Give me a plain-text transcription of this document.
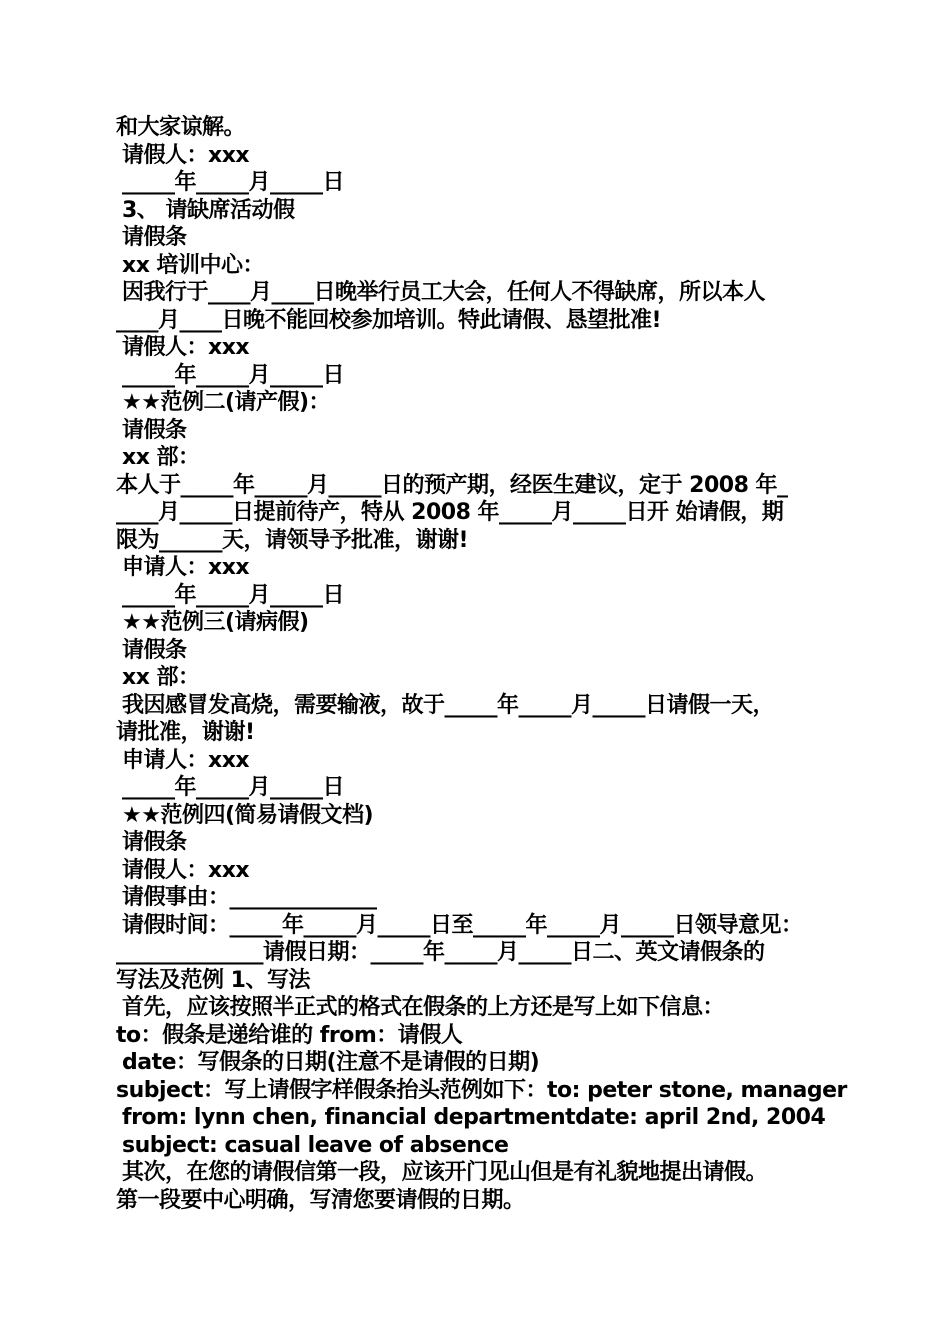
和大家谅解。
请假人：xxx
_____年_____月_____日
3、 请缺席活动假
请假条
xx 培训中心：
因我行于____月____日晚举行员工大会，任何人不得缺席，所以本人
____月____日晚不能回校参加培训。特此请假、恳望批准!
请假人：xxx
_____年_____月_____日
★★范例二(请产假)：
请假条
xx 部：
本人于_____年_____月_____日的预产期，经医生建议，定于 2008 年_
____月_____日提前待产，特从 2008 年_____月_____日开 始请假，期
限为______天，请领导予批准，谢谢!
申请人：xxx
_____年_____月_____日
★★范例三(请病假)
请假条
xx 部：
我因感冒发高烧，需要输液，故于_____年_____月_____日请假一天，
请批准，谢谢!
申请人：xxx
_____年_____月_____日
★★范例四(简易请假文档)
请假条
请假人：xxx
请假事由：______________
请假时间：_____年_____月_____日至_____年_____月_____日领导意见：
______________请假日期：_____年_____月_____日二、英文请假条的
写法及范例 1、写法
首先，应该按照半正式的格式在假条的上方还是写上如下信息：
to：假条是递给谁的 from：请假人
date：写假条的日期(注意不是请假的日期)
subject：写上请假字样假条抬头范例如下：to: peter stone, manager
from: lynn chen, financial departmentdate: april 2nd, 2004
subject: casual leave of absence
其次，在您的请假信第一段，应该开门见山但是有礼貌地提出请假。
第一段要中心明确，写清您要请假的日期。
